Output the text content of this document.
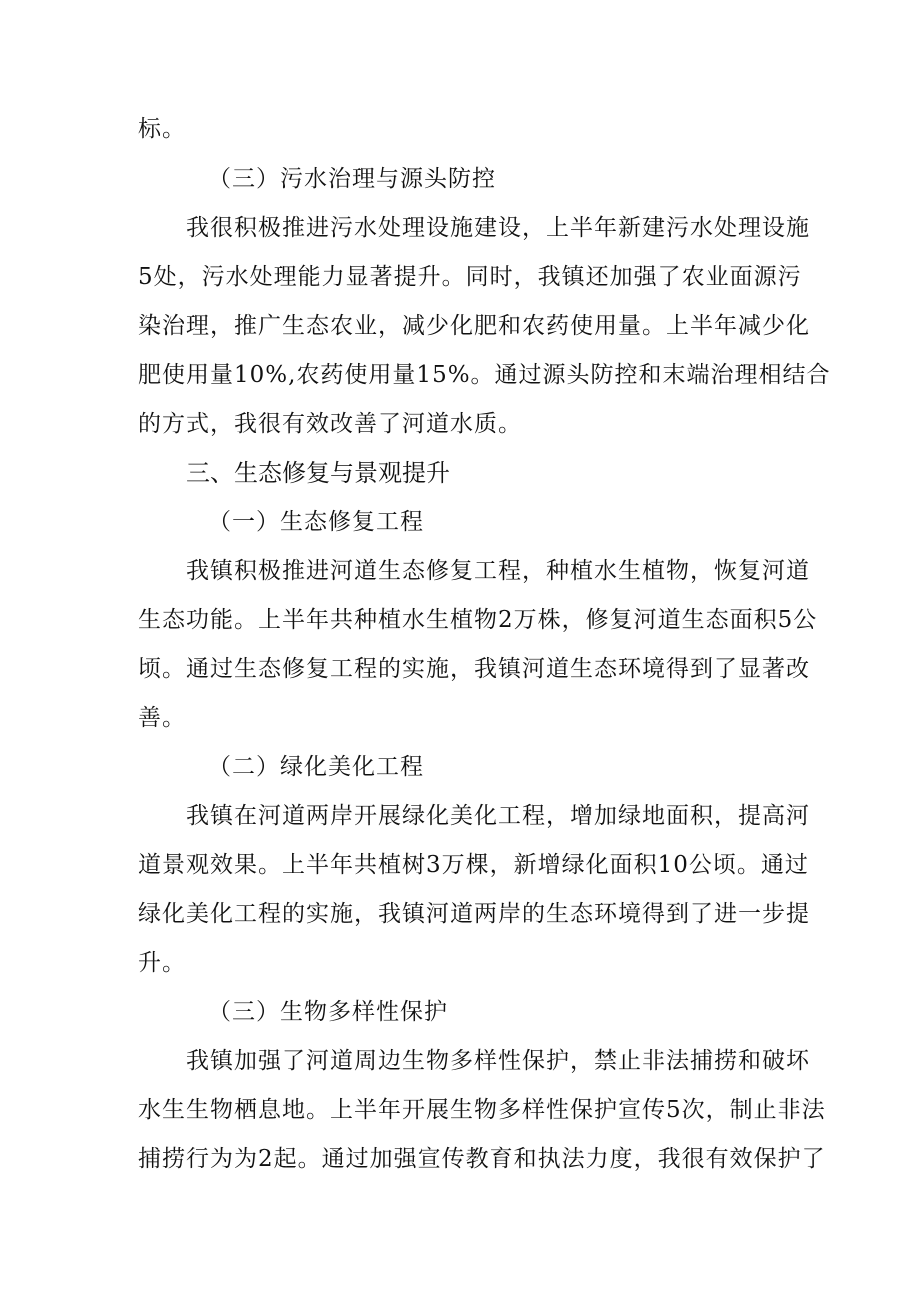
标。
（三）污水治理与源头防控
我很积极推进污水处理设施建设，上半年新建污水处理设施
5处，污水处理能力显著提升。同时，我镇还加强了农业面源污
染治理，推广生态农业，减少化肥和农药使用量。上半年减少化
肥使用量10%,农药使用量15%。通过源头防控和末端治理相结合
的方式，我很有效改善了河道水质。
三、生态修复与景观提升
（一）生态修复工程
我镇积极推进河道生态修复工程，种植水生植物，恢复河道
生态功能。上半年共种植水生植物2万株，修复河道生态面积5公
顷。通过生态修复工程的实施，我镇河道生态环境得到了显著改
善。
（二）绿化美化工程
我镇在河道两岸开展绿化美化工程，增加绿地面积，提高河
道景观效果。上半年共植树3万棵，新增绿化面积10公顷。通过
绿化美化工程的实施，我镇河道两岸的生态环境得到了进一步提
升。
（三）生物多样性保护
我镇加强了河道周边生物多样性保护，禁止非法捕捞和破坏
水生生物栖息地。上半年开展生物多样性保护宣传5次，制止非法
捕捞行为为2起。通过加强宣传教育和执法力度，我很有效保护了
